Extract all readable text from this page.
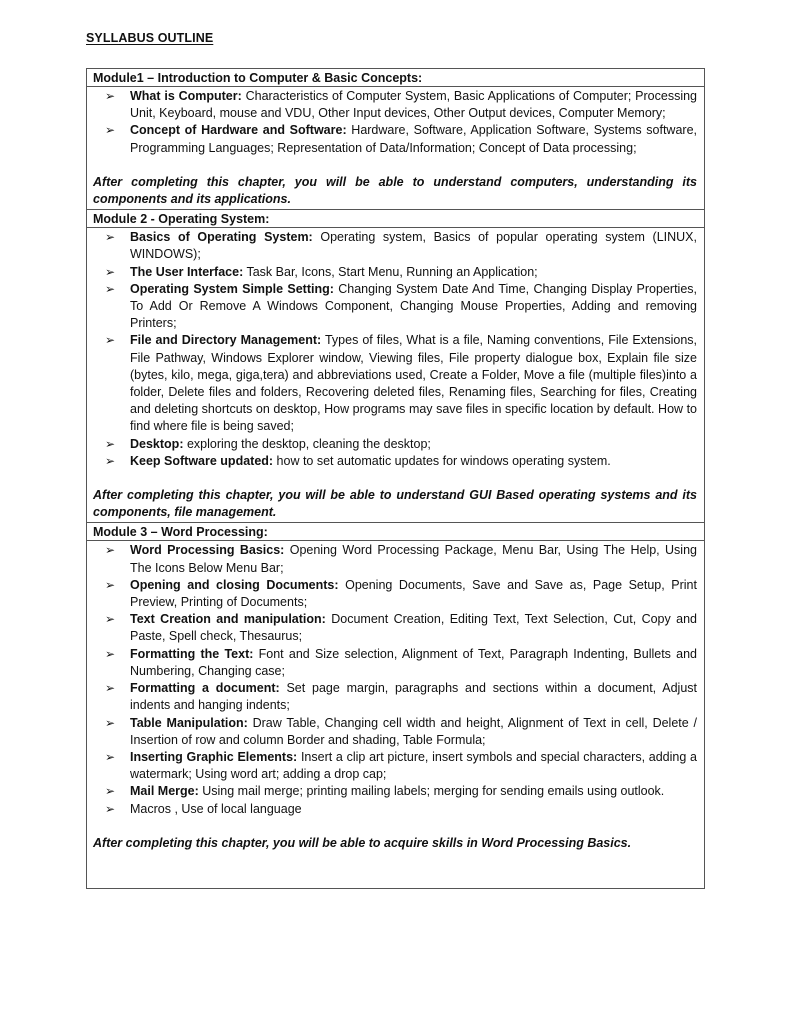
SYLLABUS OUTLINE
Module1 – Introduction to Computer & Basic Concepts:
➢
What is Computer: Characteristics of Computer System, Basic Applications of Computer; Processing Unit, Keyboard, mouse and VDU, Other Input devices, Other Output devices, Computer Memory;
➢
Concept of Hardware and Software: Hardware, Software, Application Software, Systems software, Programming Languages; Representation of Data/Information; Concept of Data processing;

After completing this chapter, you will be able to understand computers, understanding its components and its applications.

Module 2 - Operating System:
➢
Basics of Operating System: Operating system, Basics of popular operating system (LINUX, WINDOWS);
➢
The User Interface: Task Bar, Icons, Start Menu, Running an Application;
➢
Operating System Simple Setting: Changing System Date And Time, Changing Display Properties, To Add Or Remove A Windows Component, Changing Mouse Properties, Adding and removing Printers;
➢
File and Directory Management: Types of files, What is a file, Naming conventions, File Extensions, File Pathway, Windows Explorer window, Viewing files, File property dialogue box, Explain file size (bytes, kilo, mega, giga,tera) and abbreviations used, Create a Folder, Move a file (multiple files)into a folder, Delete files and folders, Recovering deleted files, Renaming files, Searching for files, Creating and deleting shortcuts on desktop, How programs may save files in specific location by default. How to find where file is being saved;
➢
Desktop: exploring the desktop, cleaning the desktop;
➢
Keep Software updated: how to set automatic updates for windows operating system.

After completing this chapter, you will be able to understand GUI Based operating systems and its components, file management.

Module 3 – Word Processing:
➢
Word Processing Basics: Opening Word Processing Package, Menu Bar, Using The Help, Using The Icons Below Menu Bar;
➢
Opening and closing Documents: Opening Documents, Save and Save as, Page Setup, Print Preview, Printing of Documents;
➢
Text Creation and manipulation: Document Creation, Editing Text, Text Selection, Cut, Copy and Paste, Spell check, Thesaurus;
➢
Formatting the Text: Font and Size selection, Alignment of Text, Paragraph Indenting, Bullets and Numbering, Changing case;
➢
Formatting a document: Set page margin, paragraphs and sections within a document, Adjust indents and hanging indents;
➢
Table Manipulation: Draw Table, Changing cell width and height, Alignment of Text in cell, Delete / Insertion of row and column Border and shading, Table Formula;
➢
Inserting Graphic Elements: Insert a clip art picture, insert symbols and special characters, adding a watermark; Using word art; adding a drop cap;
➢
Mail Merge: Using mail merge; printing mailing labels; merging for sending emails using outlook.
➢
Macros , Use of local language

After completing this chapter, you will be able to acquire skills in Word Processing Basics.
